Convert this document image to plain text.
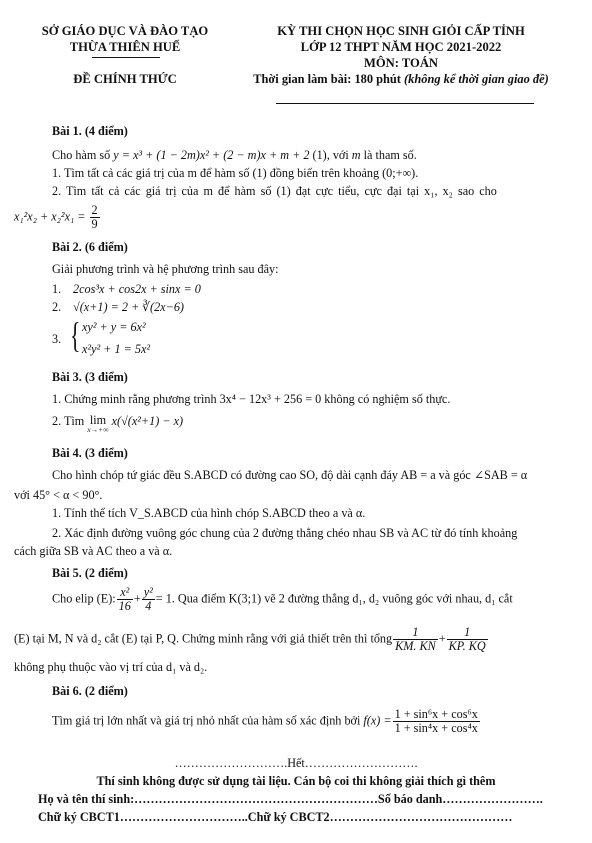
SỞ GIÁO DỤC VÀ ĐÀO TẠO
THỪA THIÊN HUẾ
ĐỀ CHÍNH THỨC
KỲ THI CHỌN HỌC SINH GIỎI CẤP TỈNH
LỚP 12 THPT NĂM HỌC 2021-2022
MÔN: TOÁN
Thời gian làm bài: 180 phút (không kể thời gian giao đề)
Bài 1. (4 điểm)
Cho hàm số y = x³ + (1 − 2m)x² + (2 − m)x + m + 2 (1), với m là tham số.
1. Tìm tất cả các giá trị của m để hàm số (1) đồng biến trên khoảng (0;+∞).
2. Tìm tất cả các giá trị của m để hàm số (1) đạt cực tiểu, cực đại tại x₁, x₂ sao cho
$x_1^2x_2 + x_2^2x_1 = \frac{2}{9}$
Bài 2. (6 điểm)
Giải phương trình và hệ phương trình sau đây:
1. 2cos³x + cos2x + sinx = 0
2. √(x+1) = 2 + ∛(2x−6)
3. { xy² + y = 6x²
x²y² + 1 = 5x²
Bài 3. (3 điểm)
1. Chứng minh rằng phương trình 3x⁴ − 12x³ + 256 = 0 không có nghiệm số thực.
2. Tìm lim
x→+∞
x(√(x²+1) − x)
Bài 4. (3 điểm)
Cho hình chóp tứ giác đều S.ABCD có đường cao SO, độ dài cạnh đáy AB = a và góc ∠SAB = α
với 45° < α < 90°.
1. Tính thể tích V_S.ABCD của hình chóp S.ABCD theo a và α.
2. Xác định đường vuông góc chung của 2 đường thẳng chéo nhau SB và AC từ đó tính khoảng
cách giữa SB và AC theo a và α.
Bài 5. (2 điểm)
Cho elip (E): $\frac{\text{x²}}{16} + \frac{\text{y²}}{4} = 1$. Qua điểm K(3;1) vẽ 2 đường thẳng d₁, d₂ vuông góc với nhau, d₁ cắt
(E) tại M, N và d₂ cắt (E) tại P, Q. Chứng minh rằng với giả thiết trên thì tổng $\frac{1}{KM. KN} + \frac{1}{KP. KQ}$
không phụ thuộc vào vị trí của d₁ và d₂.
Bài 6. (2 điểm)
Tìm giá trị lớn nhất và giá trị nhỏ nhất của hàm số xác định bởi $f(x) = \frac{\text{1 + sin⁶x + cos⁶x}}{\text{1 + sin⁴x + cos⁴x}}$
……………………….Hết……………………….
Thí sinh không được sử dụng tài liệu. Cán bộ coi thi không giải thích gì thêm
Họ và tên thí sinh:……………………………………………………Số báo danh…………………….
Chữ ký CBCT1…………………………..Chữ ký CBCT2………………………………………
